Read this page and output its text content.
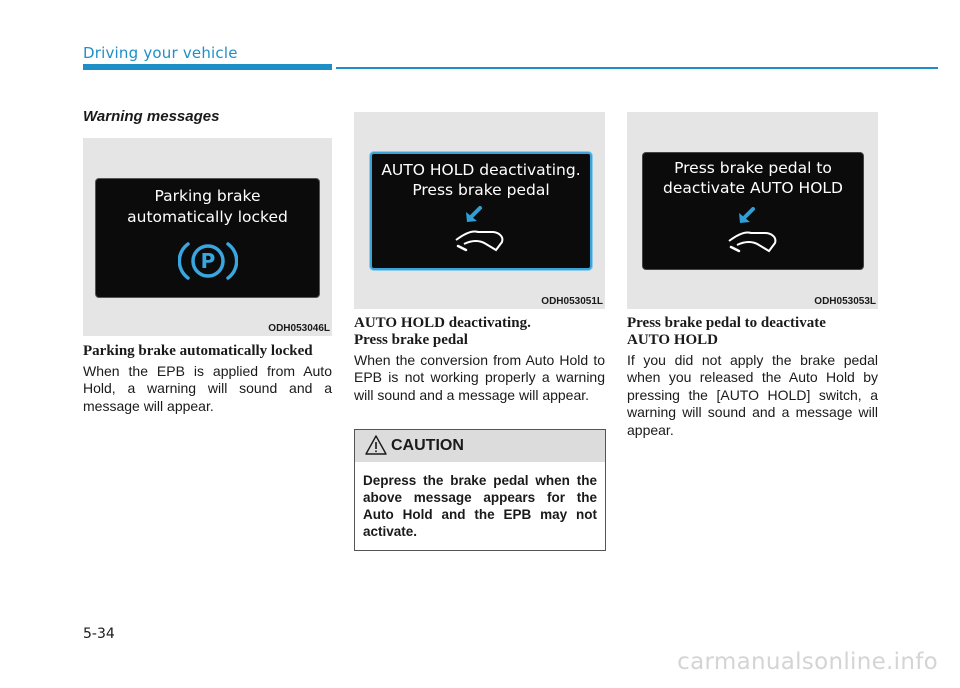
Driving your vehicle
Warning messages
Parking brake
automatically locked
P
ODH053046L
Parking brake automatically locked
When the EPB is applied from Auto Hold, a warning will sound and a message will appear.
AUTO HOLD deactivating.
Press brake pedal
ODH053051L
AUTO HOLD deactivating.
Press brake pedal
When the conversion from Auto Hold to EPB is not working properly a warning will sound and a message will appear.
CAUTION
Depress the brake pedal when the above message appears for the Auto Hold and the EPB may not activate.
Press brake pedal to
deactivate AUTO HOLD
ODH053053L
Press brake pedal to deactivate
AUTO HOLD
If you did not apply the brake pedal when you released the Auto Hold by pressing the [AUTO HOLD] switch, a warning will sound and a message will appear.
5-34
carmanualsonline.info
